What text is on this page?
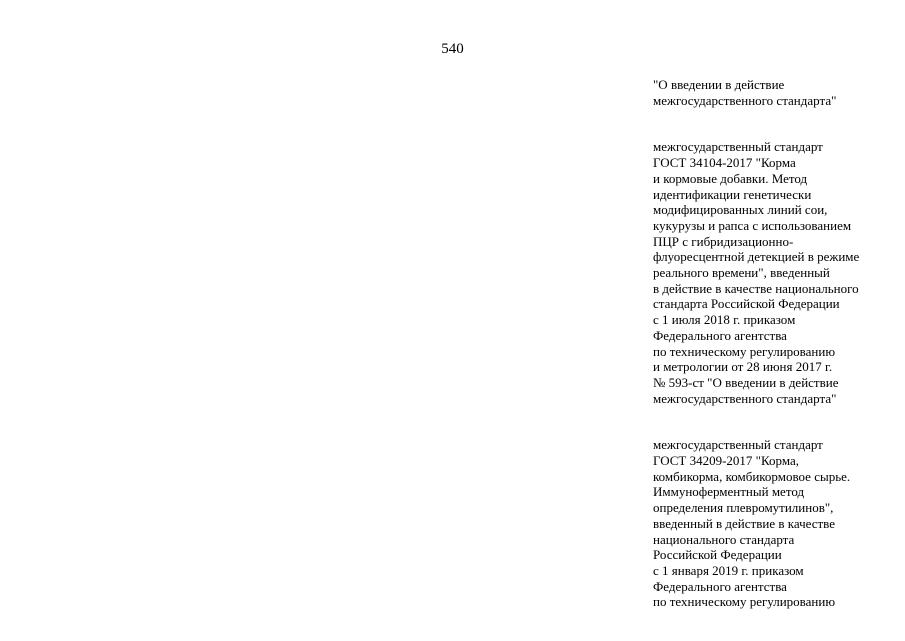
540
"О введении в действие
межгосударственного стандарта"
межгосударственный стандарт
ГОСТ 34104-2017 "Корма
и кормовые добавки. Метод
идентификации генетически
модифицированных линий сои,
кукурузы и рапса с использованием
ПЦР с гибридизационно-
флуоресцентной детекцией в режиме
реального времени", введенный
в действие в качестве национального
стандарта Российской Федерации
с 1 июля 2018 г. приказом
Федерального агентства
по техническому регулированию
и метрологии от 28 июня 2017 г.
№ 593-ст "О введении в действие
межгосударственного стандарта"
межгосударственный стандарт
ГОСТ 34209-2017 "Корма,
комбикорма, комбикормовое сырье.
Иммуноферментный метод
определения плевромутилинов",
введенный в действие в качестве
национального стандарта
Российской Федерации
с 1 января 2019 г. приказом
Федерального агентства
по техническому регулированию
